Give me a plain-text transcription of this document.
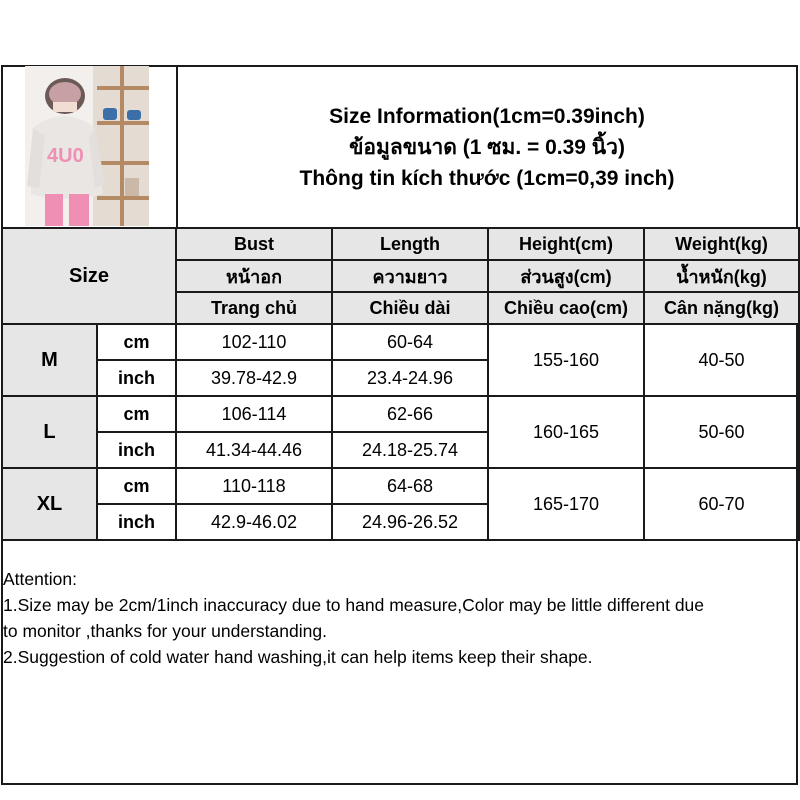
4U0
Size Information(1cm=0.39inch)
ข้อมูลขนาด (1 ซม. = 0.39 นิ้ว)
Thông tin kích thước (1cm=0,39 inch)
Size		Bust	Length	Height(cm)	Weight(kg)
		หน้าอก	ความยาว	ส่วนสูง(cm)	น้ำหนัก(kg)
		Trang chủ	Chiều dài	Chiều cao(cm)	Cân nặng(kg)
M	cm	102-110	60-64	155-160	40-50
	inch	39.78-42.9	23.4-24.96		
L	cm	106-114	62-66	160-165	50-60
	inch	41.34-44.46	24.18-25.74		
XL	cm	110-118	64-68	165-170	60-70
	inch	42.9-46.02	24.96-26.52		
Attention:
1.Size may be 2cm/1inch inaccuracy due to hand measure,Color may be little different due
to monitor ,thanks for your understanding.
2.Suggestion of cold water hand washing,it can help items keep their shape.
